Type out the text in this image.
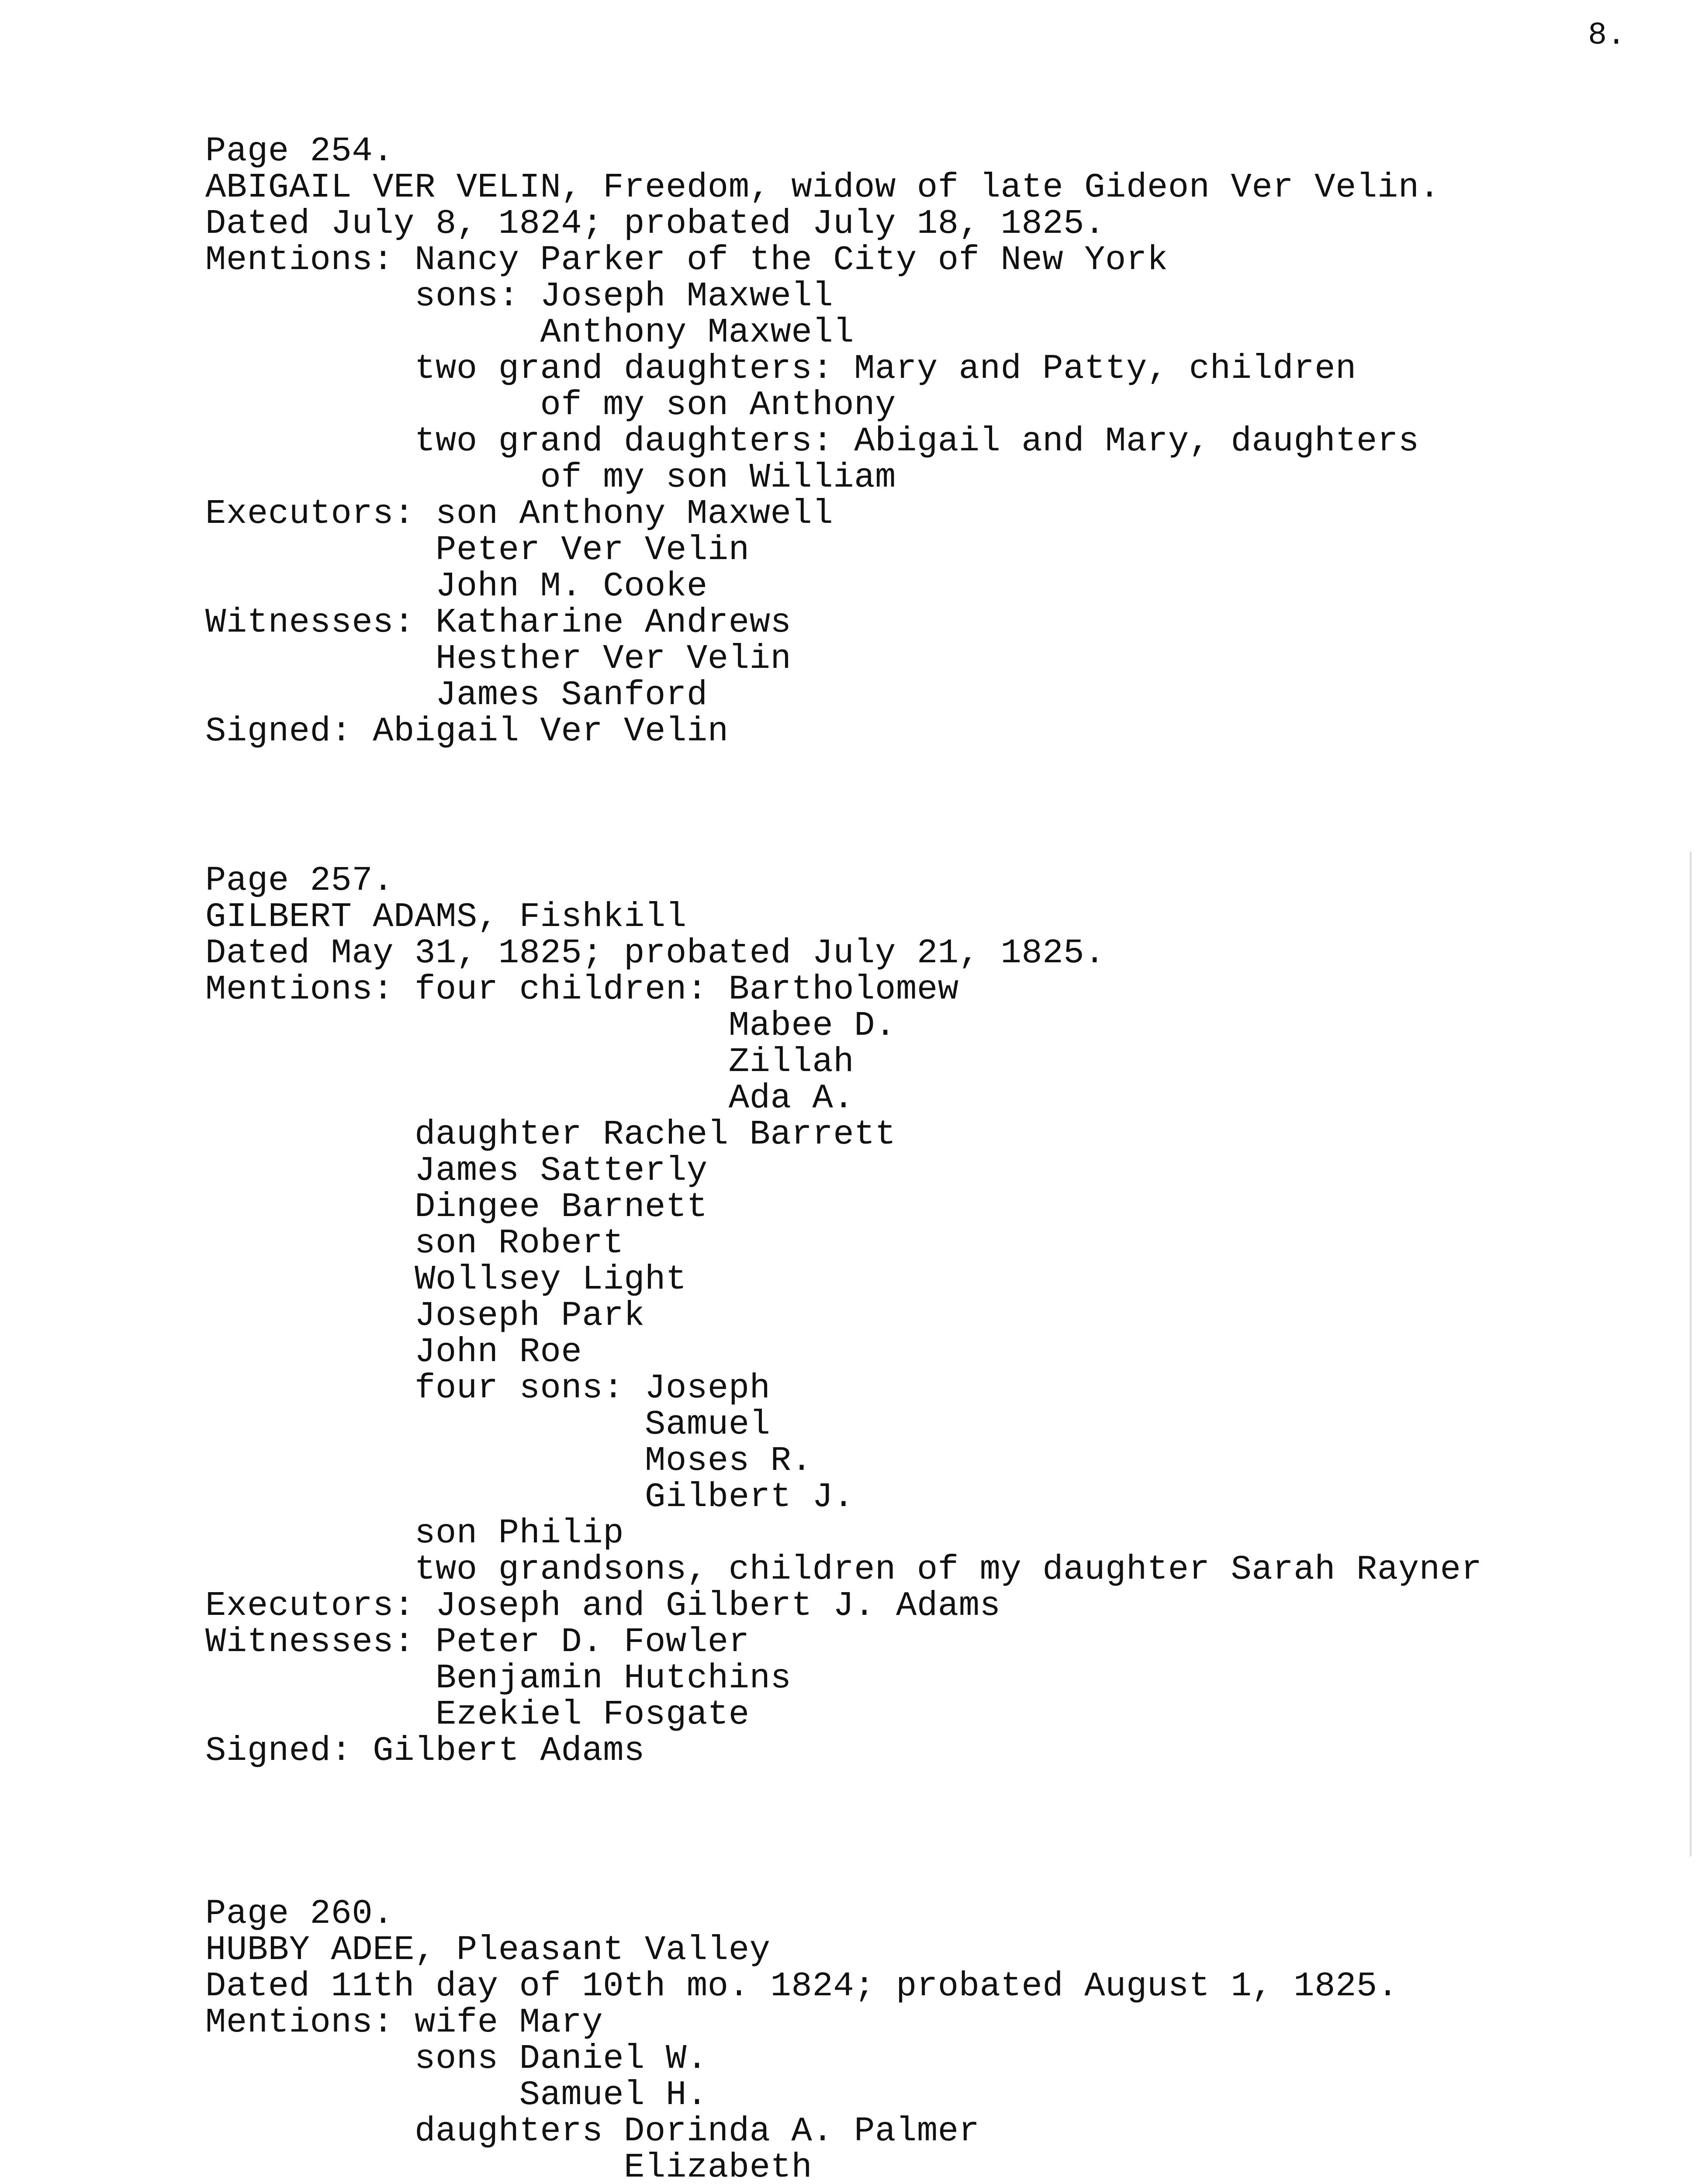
8.
Page 254.
ABIGAIL VER VELIN, Freedom, widow of late Gideon Ver Velin.
Dated July 8, 1824; probated July 18, 1825.
Mentions: Nancy Parker of the City of New York
sons: Joseph Maxwell
Anthony Maxwell
two grand daughters: Mary and Patty, children
of my son Anthony
two grand daughters: Abigail and Mary, daughters
of my son William
Executors: son Anthony Maxwell
Peter Ver Velin
John M. Cooke
Witnesses: Katharine Andrews
Hesther Ver Velin
James Sanford
Signed: Abigail Ver Velin
Page 257.
GILBERT ADAMS, Fishkill
Dated May 31, 1825; probated July 21, 1825.
Mentions: four children: Bartholomew
Mabee D.
Zillah
Ada A.
daughter Rachel Barrett
James Satterly
Dingee Barnett
son Robert
Wollsey Light
Joseph Park
John Roe
four sons: Joseph
Samuel
Moses R.
Gilbert J.
son Philip
two grandsons, children of my daughter Sarah Rayner
Executors: Joseph and Gilbert J. Adams
Witnesses: Peter D. Fowler
Benjamin Hutchins
Ezekiel Fosgate
Signed: Gilbert Adams
Page 260.
HUBBY ADEE, Pleasant Valley
Dated 11th day of 10th mo. 1824; probated August 1, 1825.
Mentions: wife Mary
sons Daniel W.
Samuel H.
daughters Dorinda A. Palmer
Elizabeth
